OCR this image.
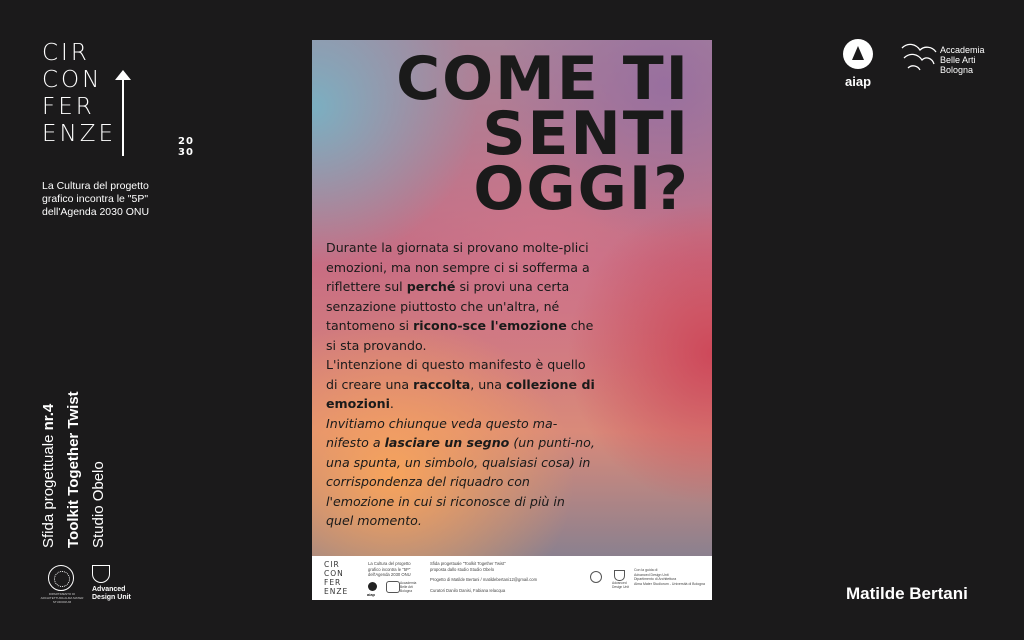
CIR
CON
FER
ENZE	20
30
La Cultura del progetto
grafico incontra le "5P"
dell'Agenda 2030 ONU
Sfida progettuale nr.4 Toolkit Together Twist Studio Obelo
DIPARTIMENTO DI ARCHITETTURA ALMA MATER STUDIORUM
Advanced
Design Unit
aiap
Accademia
Belle Arti
Bologna
Matilde Bertani
COME TI
SENTI
OGGI?
Durante la giornata si provano molte-plici emozioni, ma non sempre ci si sofferma a riflettere sul perché si provi una certa senzazione piuttosto che un'altra, né tantomeno si ricono-sce l'emozione che si sta provando.
L'intenzione di questo manifesto è quello di creare una raccolta, una collezione di emozioni.
Invitiamo chiunque veda questo ma-nifesto a lasciare un segno (un punti-no, una spunta, un simbolo, qualsiasi cosa) in corrispondenza del riquadro con l'emozione in cui si riconosce di più in quel momento.
CIR
CON
FER
ENZE
La Cultura del progetto
grafico incontra le "5P"
dell'Agenda 2030 ONU
aiap
Accademia
Belle Arti
Bologna
Sfida progettuale "Toolkit Together Twist"
proposta dallo studio Studio Obelo
Progetto di Matilde Bertani / matildebertani12@gmail.com
Curatori Danilo Danisi, Fabiana Ielacqua
Advanced
Design Unit
Con la guida di
Advanced Design Unit
Dipartimento di Architettura
Alma Mater Studiorum - Università di Bologna
